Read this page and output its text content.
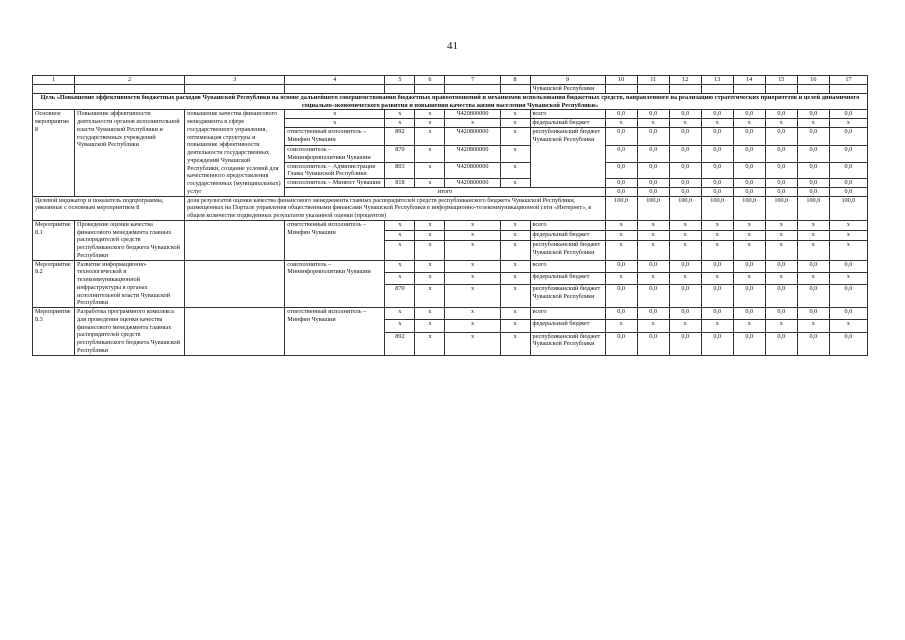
41
1	2	3	4	5	6	7	8	9	10	11	12	13	14	15	16	17
								Чувашской Республики								
Цель «Повышение эффективности бюджетных расходов Чувашской Республики на основе дальнейшего совершенствования бюджетных правоотношений и механизмов использования бюджетных средств, направленного на реализацию стратегических приоритетов и целей динамичного социально-экономического развития и повышения качества жизни населения Чувашской Республики»																
Основное мероприятие 8	Повышение эффективности деятельности органов исполнительной власти Чувашской Республики и государственных учреждений Чувашской Республики	повышение качества финансового менеджмента в сфере государственного управления, оптимизация структуры и повышение эффективности деятельности государственных учреждений Чувашской Республики, создание условий для качественного предоставления государственных (муниципальных) услуг	х	х	х	Ч420800000	х	всего	0,0	0,0	0,0	0,0	0,0	0,0	0,0	0,0
			х	х	х	х	х	федеральный бюджет	х	х	х	х	х	х	х	х
			ответственный исполнитель – Минфин Чувашии	892	х	Ч420800000	х	республиканский бюджет Чувашской Республики	0,0	0,0	0,0	0,0	0,0	0,0	0,0	0,0
			соисполнитель – Мининформполитики Чувашии	870	х	Ч420800000	х		0,0	0,0	0,0	0,0	0,0	0,0	0,0	0,0
			соисполнитель – Администрация Главы Чувашской Республики	803	х	Ч420800000	х		0,0	0,0	0,0	0,0	0,0	0,0	0,0	0,0
			соисполнитель – Минюст Чувашии	818	х	Ч420800000	х		0,0	0,0	0,0	0,0	0,0	0,0	0,0	0,0
			итого						0,0	0,0	0,0	0,0	0,0	0,0	0,0	0,0
Целевой индикатор и показатель подпрограммы, увязанные с основным мероприятием 8		доля результатов оценки качества финансового менеджмента главных распорядителей средств республиканского бюджета Чувашской Республики, размещенных на Портале управления общественными финансами Чувашской Республики в информационно-телекоммуникационной сети «Интернет», в общем количестве подведенных результатов указанной оценки (процентов)							100,0	100,0	100,0	100,0	100,0	100,0	100,0	100,0
Мероприятие 8.1	Проведение оценки качества финансового менеджмента главных распорядителей средств республиканского бюджета Чувашской Республики		ответственный исполнитель – Минфин Чувашии	х	х	х	х	всего	х	х	х	х	х	х	х	х
				х	х	х	х	федеральный бюджет	х	х	х	х	х	х	х	х
				х	х	х	х	республиканский бюджет Чувашской Республики	х	х	х	х	х	х	х	х
Мероприятие 8.2	Развитие информационно-технологической и телекоммуникационной инфраструктуры в органах исполнительной власти Чувашской Республики		соисполнитель – Мининформполитики Чувашии	х	х	х	х	всего	0,0	0,0	0,0	0,0	0,0	0,0	0,0	0,0
				х	х	х	х	федеральный бюджет	х	х	х	х	х	х	х	х
				870	х	х	х	республиканский бюджет Чувашской Республики	0,0	0,0	0,0	0,0	0,0	0,0	0,0	0,0
Мероприятие 8.3	Разработка программного комплекса для проведения оценки качества финансового менеджмента главных распорядителей средств республиканского бюджета Чувашской Республики		ответственный исполнитель – Минфин Чувашии	х	х	х	х	всего	0,0	0,0	0,0	0,0	0,0	0,0	0,0	0,0
				х	х	х	х	федеральный бюджет	х	х	х	х	х	х	х	х
				892	х	х	х	республиканский бюджет Чувашской Республики	0,0	0,0	0,0	0,0	0,0	0,0	0,0	0,0
